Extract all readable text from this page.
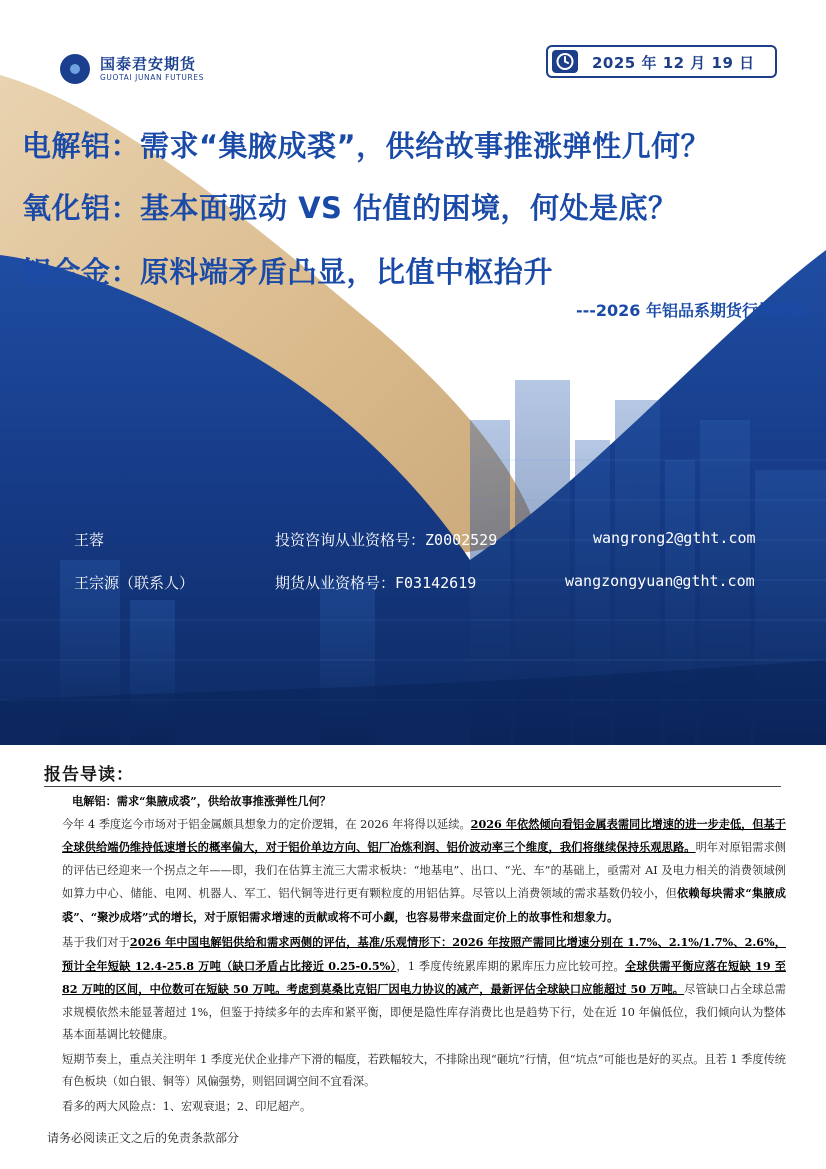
国泰君安期货
GUOTAI JUNAN FUTURES
2025 年 12 月 19 日
电解铝：需求“集腋成裘”，供给故事推涨弹性几何？
氧化铝：基本面驱动 VS 估值的困境，何处是底？
铝合金：原料端矛盾凸显，比值中枢抬升
---2026 年铝品系期货行情展望
王蓉	投资咨询从业资格号：Z0002529	wangrong2@gtht.com
王宗源（联系人）	期货从业资格号：F03142619	wangzongyuan@gtht.com
报告导读：

电解铝：需求“集腋成裘”，供给故事推涨弹性几何？

今年 4 季度迄今市场对于铝金属颇具想象力的定价逻辑，在 2026 年将得以延续。2026 年依然倾向看铝金属表需同比增速的进一步走低，但基于全球供给端仍维持低速增长的概率偏大，对于铝价单边方向、铝厂冶炼利润、铝价波动率三个维度，我们将继续保持乐观思路。明年对原铝需求侧的评估已经迎来一个拐点之年——即，我们在估算主流三大需求板块：“地基电”、出口、“光、车”的基础上，亟需对 AI 及电力相关的消费领域例如算力中心、储能、电网、机器人、军工、铝代铜等进行更有颗粒度的用铝估算。尽管以上消费领域的需求基数仍较小，但依赖每块需求“集腋成裘”、“聚沙成塔”式的增长，对于原铝需求增速的贡献或将不可小觑，也容易带来盘面定价上的故事性和想象力。

基于我们对于2026 年中国电解铝供给和需求两侧的评估，基准/乐观情形下：2026 年按照产需同比增速分别在 1.7%、2.1%/1.7%、2.6%，预计全年短缺 12.4-25.8 万吨（缺口矛盾占比接近 0.25-0.5%），1 季度传统累库期的累库压力应比较可控。全球供需平衡应落在短缺 19 至 82 万吨的区间，中位数可在短缺 50 万吨。考虑到莫桑比克铝厂因电力协议的减产，最新评估全球缺口应能超过 50 万吨。尽管缺口占全球总需求规模依然未能显著超过 1%，但鉴于持续多年的去库和紧平衡，即便是隐性库存消费比也是趋势下行，处在近 10 年偏低位，我们倾向认为整体基本面基调比较健康。

短期节奏上，重点关注明年 1 季度光伏企业排产下滑的幅度，若跌幅较大，不排除出现“砸坑”行情，但“坑点”可能也是好的买点。且若 1 季度传统有色板块（如白银、铜等）风偏强势，则铝回调空间不宜看深。

看多的两大风险点：1、宏观衰退；2、印尼超产。

请务必阅读正文之后的免责条款部分
